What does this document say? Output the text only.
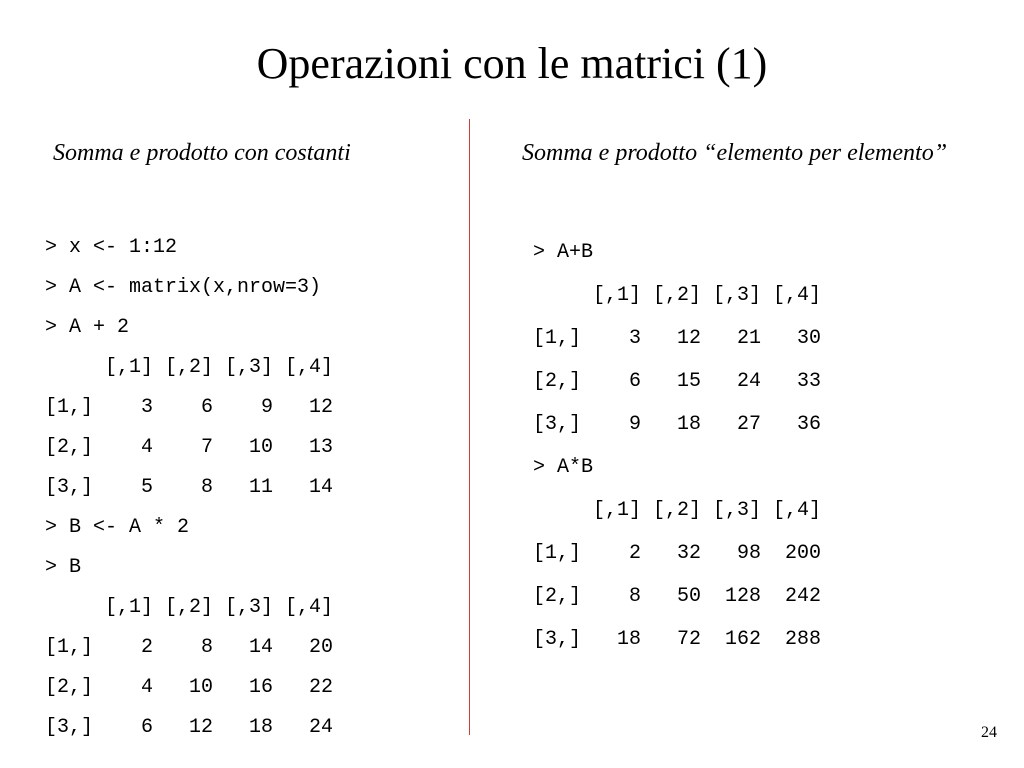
Operazioni con le matrici (1)
Somma e prodotto con costanti	Somma e prodotto “elemento per elemento”
> x <- 1:12
> A <- matrix(x,nrow=3)
> A + 2
[,1] [,2] [,3] [,4]
[1,]    3    6    9   12
[2,]    4    7   10   13
[3,]    5    8   11   14
> B <- A * 2
> B
[,1] [,2] [,3] [,4]
[1,]    2    8   14   20
[2,]    4   10   16   22
[3,]    6   12   18   24
> A+B
[,1] [,2] [,3] [,4]
[1,]    3   12   21   30
[2,]    6   15   24   33
[3,]    9   18   27   36
> A*B
[,1] [,2] [,3] [,4]
[1,]    2   32   98  200
[2,]    8   50  128  242
[3,]   18   72  162  288
24
